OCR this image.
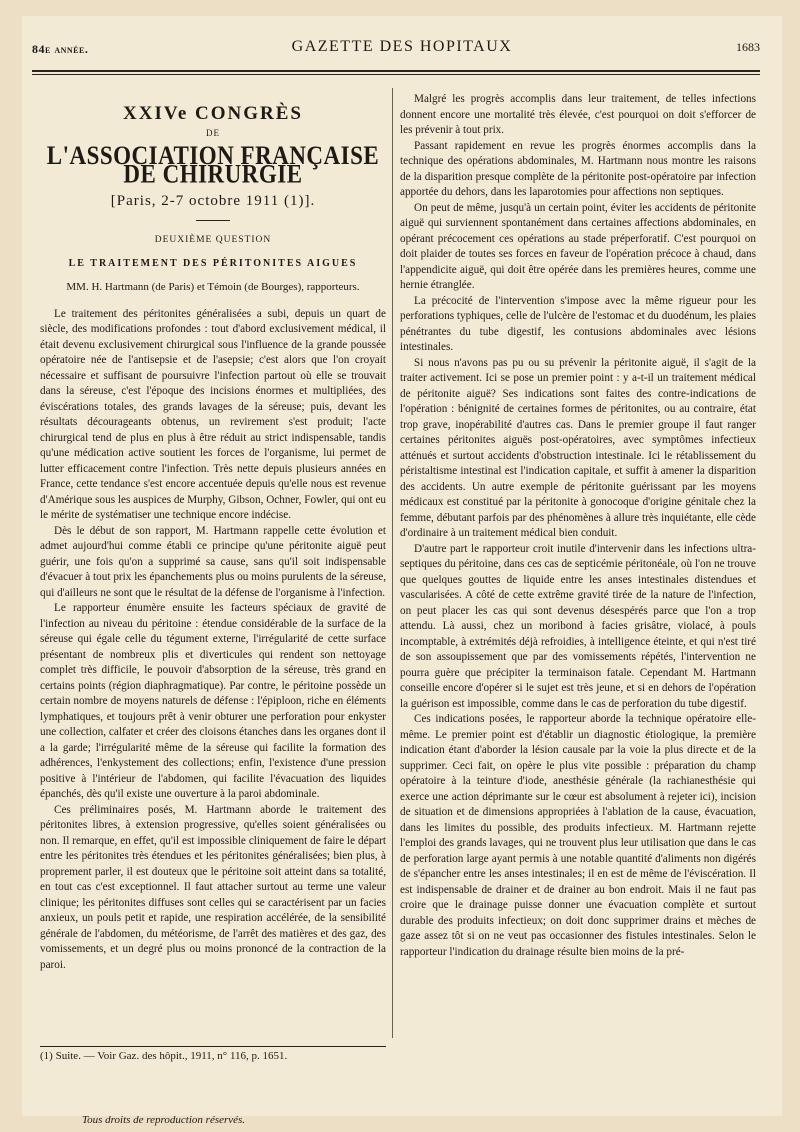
84e année.	GAZETTE DES HOPITAUX	1683
XXIVe CONGRÈS
DE
L'ASSOCIATION FRANÇAISE DE CHIRURGIE
[Paris, 2-7 octobre 1911 (1)].
DEUXIÈME QUESTION
LE TRAITEMENT DES PÉRITONITES AIGUES
MM. H. Hartmann (de Paris) et Témoin (de Bourges), rapporteurs.

Le traitement des péritonites généralisées a subi, depuis un quart de siècle, des modifications profondes : tout d'abord exclusivement médical, il était devenu exclusivement chirurgical sous l'influence de la grande poussée opératoire née de l'antisepsie et de l'asepsie; c'est alors que l'on croyait nécessaire et suffisant de poursuivre l'infection partout où elle se trouvait dans la séreuse, c'est l'époque des incisions énormes et multipliées, des éviscérations totales, des grands lavages de la séreuse; puis, devant les résultats décourageants obtenus, un revirement s'est produit; l'acte chirurgical tend de plus en plus à être réduit au strict indispensable, tandis qu'une médication active soutient les forces de l'organisme, lui permet de lutter efficacement contre l'infection. Très nette depuis plusieurs années en France, cette tendance s'est encore accentuée depuis qu'elle nous est revenue d'Amérique sous les auspices de Murphy, Gibson, Ochner, Fowler, qui ont eu le mérite de systématiser une technique encore indécise.

Dès le début de son rapport, M. Hartmann rappelle cette évolution et admet aujourd'hui comme établi ce principe qu'une péritonite aiguë peut guérir, une fois qu'on a supprimé sa cause, sans qu'il soit indispensable d'évacuer à tout prix les épanchements plus ou moins purulents de la séreuse, qui d'ailleurs ne sont que le résultat de la défense de l'organisme à l'infection.

Le rapporteur énumère ensuite les facteurs spéciaux de gravité de l'infection au niveau du péritoine : étendue considérable de la surface de la séreuse qui égale celle du tégument externe, l'irrégularité de cette surface présentant de nombreux plis et diverticules qui rendent son nettoyage complet très difficile, le pouvoir d'absorption de la séreuse, très grand en certains points (région diaphragmatique). Par contre, le péritoine possède un certain nombre de moyens naturels de défense : l'épiploon, riche en éléments lymphatiques, et toujours prêt à venir obturer une perforation pour enkyster une collection, calfater et créer des cloisons étanches dans les organes dont il a la garde; l'irrégularité même de la séreuse qui facilite la formation des adhérences, l'enkystement des collections; enfin, l'existence d'une pression positive à l'intérieur de l'abdomen, qui facilite l'évacuation des liquides épanchés, dès qu'il existe une ouverture à la paroi abdominale.

Ces préliminaires posés, M. Hartmann aborde le traitement des péritonites libres, à extension progressive, qu'elles soient généralisées ou non. Il remarque, en effet, qu'il est impossible cliniquement de faire le départ entre les péritonites très étendues et les péritonites généralisées; bien plus, à proprement parler, il est douteux que le péritoine soit atteint dans sa totalité, en tout cas c'est exceptionnel. Il faut attacher surtout au terme une valeur clinique; les péritonites diffuses sont celles qui se caractérisent par un facies anxieux, un pouls petit et rapide, une respiration accélérée, de la sensibilité générale de l'abdomen, du météorisme, de l'arrêt des matières et des gaz, des vomissements, et un degré plus ou moins prononcé de la contraction de la paroi.

Malgré les progrès accomplis dans leur traitement, de telles infections donnent encore une mortalité très élevée, c'est pourquoi on doit s'efforcer de les prévenir à tout prix.

Passant rapidement en revue les progrès énormes accomplis dans la technique des opérations abdominales, M. Hartmann nous montre les raisons de la disparition presque complète de la péritonite post-opératoire par infection apportée du dehors, dans les laparotomies pour affections non septiques.

On peut de même, jusqu'à un certain point, éviter les accidents de péritonite aiguë qui surviennent spontanément dans certaines affections abdominales, en opérant précocement ces opérations au stade préperforatif. C'est pourquoi on doit plaider de toutes ses forces en faveur de l'opération précoce à chaud, dans l'appendicite aiguë, qui doit être opérée dans les premières heures, comme une hernie étranglée.

La précocité de l'intervention s'impose avec la même rigueur pour les perforations typhiques, celle de l'ulcère de l'estomac et du duodénum, les plaies pénétrantes du tube digestif, les contusions abdominales avec lésions intestinales.

Si nous n'avons pas pu ou su prévenir la péritonite aiguë, il s'agit de la traiter activement. Ici se pose un premier point : y a-t-il un traitement médical de péritonite aiguë? Ses indications sont faites des contre-indications de l'opération : bénignité de certaines formes de péritonites, ou au contraire, état trop grave, inopérabilité d'autres cas. Dans le premier groupe il faut ranger certaines péritonites aiguës post-opératoires, avec symptômes infectieux atténués et surtout accidents d'obstruction intestinale. Ici le rétablissement du péristaltisme intestinal est l'indication capitale, et suffit à amener la disparition des accidents. Un autre exemple de péritonite guérissant par les moyens médicaux est constitué par la péritonite à gonocoque d'origine génitale chez la femme, débutant parfois par des phénomènes à allure très inquiétante, elle cède d'ordinaire à un traitement médical bien conduit.

D'autre part le rapporteur croit inutile d'intervenir dans les infections ultra-septiques du péritoine, dans ces cas de septicémie péritonéale, où l'on ne trouve que quelques gouttes de liquide entre les anses intestinales distendues et vascularisées. A côté de cette extrême gravité tirée de la nature de l'infection, on peut placer les cas qui sont devenus désespérés parce que l'on a trop attendu. Là aussi, chez un moribond à facies grisâtre, violacé, à pouls incomptable, à extrémités déjà refroidies, à intelligence éteinte, et qui n'est tiré de son assoupissement que par des vomissements répétés, l'intervention ne pourra guère que précipiter la terminaison fatale. Cependant M. Hartmann conseille encore d'opérer si le sujet est très jeune, et si en dehors de l'opération la guérison est impossible, comme dans le cas de perforation du tube digestif.

Ces indications posées, le rapporteur aborde la technique opératoire elle-même. Le premier point est d'établir un diagnostic étiologique, la première indication étant d'aborder la lésion causale par la voie la plus directe et de la supprimer. Ceci fait, on opère le plus vite possible : préparation du champ opératoire à la teinture d'iode, anesthésie générale (la rachianesthésie qui exerce une action déprimante sur le cœur est absolument à rejeter ici), incision de situation et de dimensions appropriées à l'ablation de la cause, évacuation, dans les limites du possible, des produits infectieux. M. Hartmann rejette l'emploi des grands lavages, qui ne trouvent plus leur utilisation que dans le cas de perforation large ayant permis à une notable quantité d'aliments non digérés de s'épancher entre les anses intestinales; il en est de même de l'éviscération. Il est indispensable de drainer et de drainer au bon endroit. Mais il ne faut pas croire que le drainage puisse donner une évacuation complète et surtout durable des produits infectieux; on doit donc supprimer drains et mèches de gaze assez tôt si on ne veut pas occasionner des fistules intestinales. Selon le rapporteur l'indication du drainage résulte bien moins de la pré-

(1) Suite. — Voir Gaz. des hôpit., 1911, n° 116, p. 1651.
Tous droits de reproduction réservés.
